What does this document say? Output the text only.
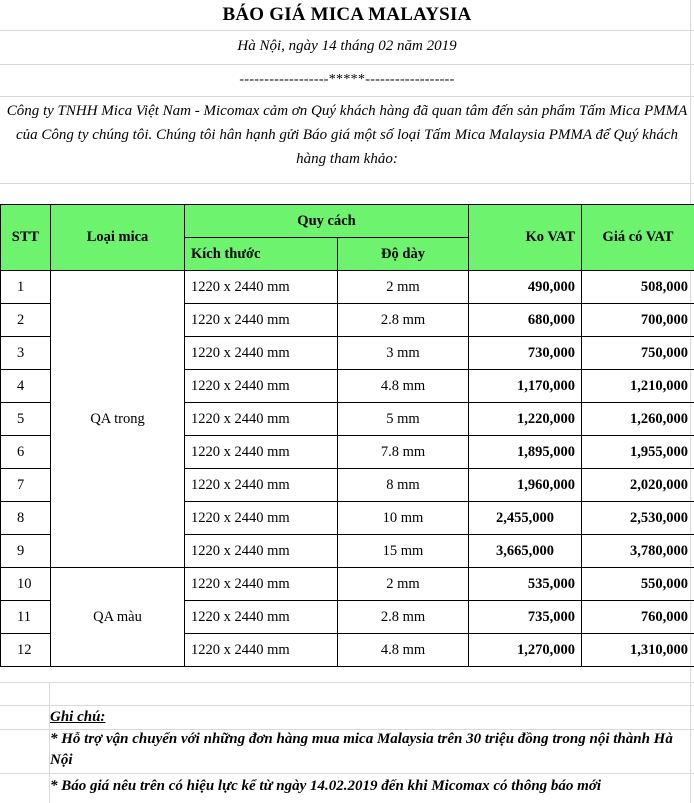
BÁO GIÁ MICA MALAYSIA
Hà Nội, ngày 14 tháng 02 năm 2019
------------------*****------------------
Công ty TNHH Mica Việt Nam - Micomax cảm ơn Quý khách hàng đã quan tâm đến sản phẩm Tấm Mica PMMA của Công ty chúng tôi. Chúng tôi hân hạnh gửi Báo giá một số loại Tấm Mica Malaysia PMMA để Quý khách hàng tham khảo:
STT	Loại mica	Quy cách		Ko VAT	Giá có VAT
		Kích thước	Độ dày		
1	QA trong	1220 x 2440 mm	2 mm	490,000	508,000
2		1220 x 2440 mm	2.8 mm	680,000	700,000
3		1220 x 2440 mm	3 mm	730,000	750,000
4		1220 x 2440 mm	4.8 mm	1,170,000	1,210,000
5		1220 x 2440 mm	5 mm	1,220,000	1,260,000
6		1220 x 2440 mm	7.8 mm	1,895,000	1,955,000
7		1220 x 2440 mm	8 mm	1,960,000	2,020,000
8		1220 x 2440 mm	10 mm	2,455,000	2,530,000
9		1220 x 2440 mm	15 mm	3,665,000	3,780,000
10	QA màu	1220 x 2440 mm	2 mm	535,000	550,000
11		1220 x 2440 mm	2.8 mm	735,000	760,000
12		1220 x 2440 mm	4.8 mm	1,270,000	1,310,000
Ghi chú:
* Hỗ trợ vận chuyển với những đơn hàng mua mica Malaysia trên 30 triệu đồng trong nội thành Hà Nội
* Báo giá nêu trên có hiệu lực kể từ ngày 14.02.2019 đến khi Micomax có thông báo mới
